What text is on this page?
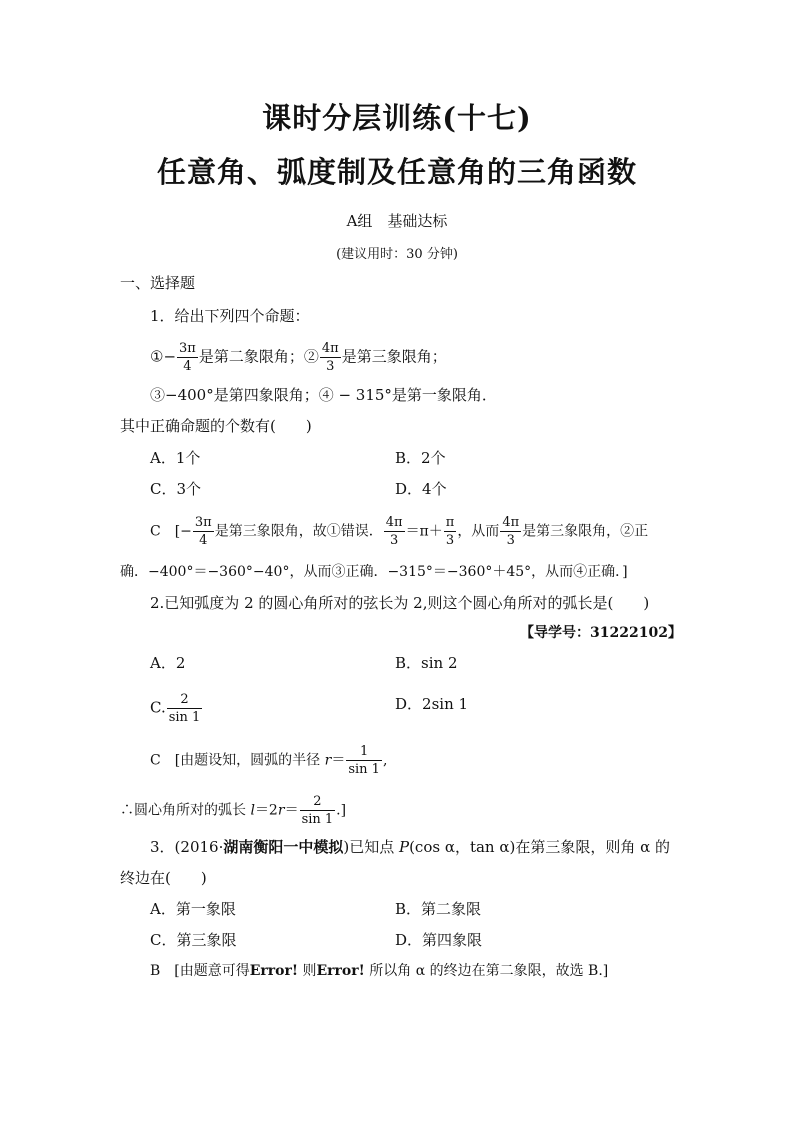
课时分层训练(十七)
任意角、弧度制及任意角的三角函数
A组　基础达标
(建议用时：30 分钟)
一、选择题
1．给出下列四个命题：
①− $\frac{3\pi}{4}$ 是第二象限角；② $\frac{4\pi}{3}$ 是第三象限角；
③−400°是第四象限角；④ − 315°是第一象限角．
其中正确命题的个数有(　　)
A．1个	B．2个
C．3个	D．4个
C　[− $\frac{3\pi}{4}$ 是第三象限角，故①错误． $\frac{4\pi}{3} =\pi+ \frac{\pi}{3}$ ，从而 $\frac{4\pi}{3}$ 是第三象限角，②正
确．−400°＝−360°−40°，从而③正确．−315°＝−360°＋45°，从而④正确．]
2.已知弧度为 2 的圆心角所对的弦长为 2,则这个圆心角所对的弧长是(　　)
【导学号：31222102】
A．2	B．sin 2
C. $\frac{2}{\sin 1}$	D．2sin 1
C　[由题设知，圆弧的半径 $r= \frac{1}{\sin 1}$ ,
∴圆心角所对的弧长 $l=2r= \frac{2}{\sin 1}$ .]
3．(2016·湖南衡阳一中模拟)已知点 P(cos α，tan α)在第三象限，则角 α 的
终边在(　　)
A．第一象限	B．第二象限
C．第三象限	D．第四象限
B　[由题意可得Error! 则Error! 所以角 α 的终边在第二象限，故选 B.]
